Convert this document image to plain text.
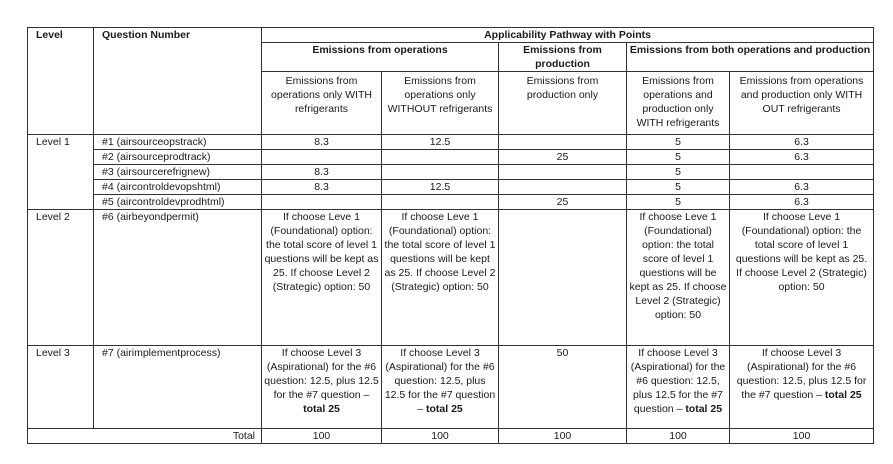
Level	Question Number	Applicability Pathway with Points				
		Emissions from operations		Emissions from production	Emissions from both operations and production	
		Emissions from operations only WITH refrigerants	Emissions from operations only WITHOUT refrigerants	Emissions from production only	Emissions from operations and production only WITH refrigerants	Emissions from operations and production only WITH OUT refrigerants
Level 1	#1 (airsourceopstrack)	8.3	12.5		5	6.3
	#2 (airsourceprodtrack)			25	5	6.3
	#3 (airsourcerefrignew)	8.3			5	
	#4 (aircontroldevopshtml)	8.3	12.5		5	6.3
	#5 (aircontroldevprodhtml)			25	5	6.3
Level 2	#6 (airbeyondpermit)	If choose Leve 1 (Foundational) option: the total score of level 1 questions will be kept as 25. If choose Level 2 (Strategic) option: 50	If choose Leve 1 (Foundational) option: the total score of level 1 questions will be kept as 25. If choose Level 2 (Strategic) option: 50		If choose Leve 1 (Foundational) option: the total score of level 1 questions will be kept as 25. If choose Level 2 (Strategic) option: 50	If choose Leve 1 (Foundational) option: the total score of level 1 questions will be kept as 25. If choose Level 2 (Strategic) option: 50
Level 3	#7 (airimplementprocess)	If choose Level 3 (Aspirational) for the #6 question: 12.5, plus 12.5 for the #7 question – total 25	If choose Level 3 (Aspirational) for the #6 question: 12.5, plus 12.5 for the #7 question – total 25	50	If choose Level 3 (Aspirational) for the #6 question: 12.5, plus 12.5 for the #7 question – total 25	If choose Level 3 (Aspirational) for the #6 question: 12.5, plus 12.5 for the #7 question – total 25
Total		100	100	100	100	100
